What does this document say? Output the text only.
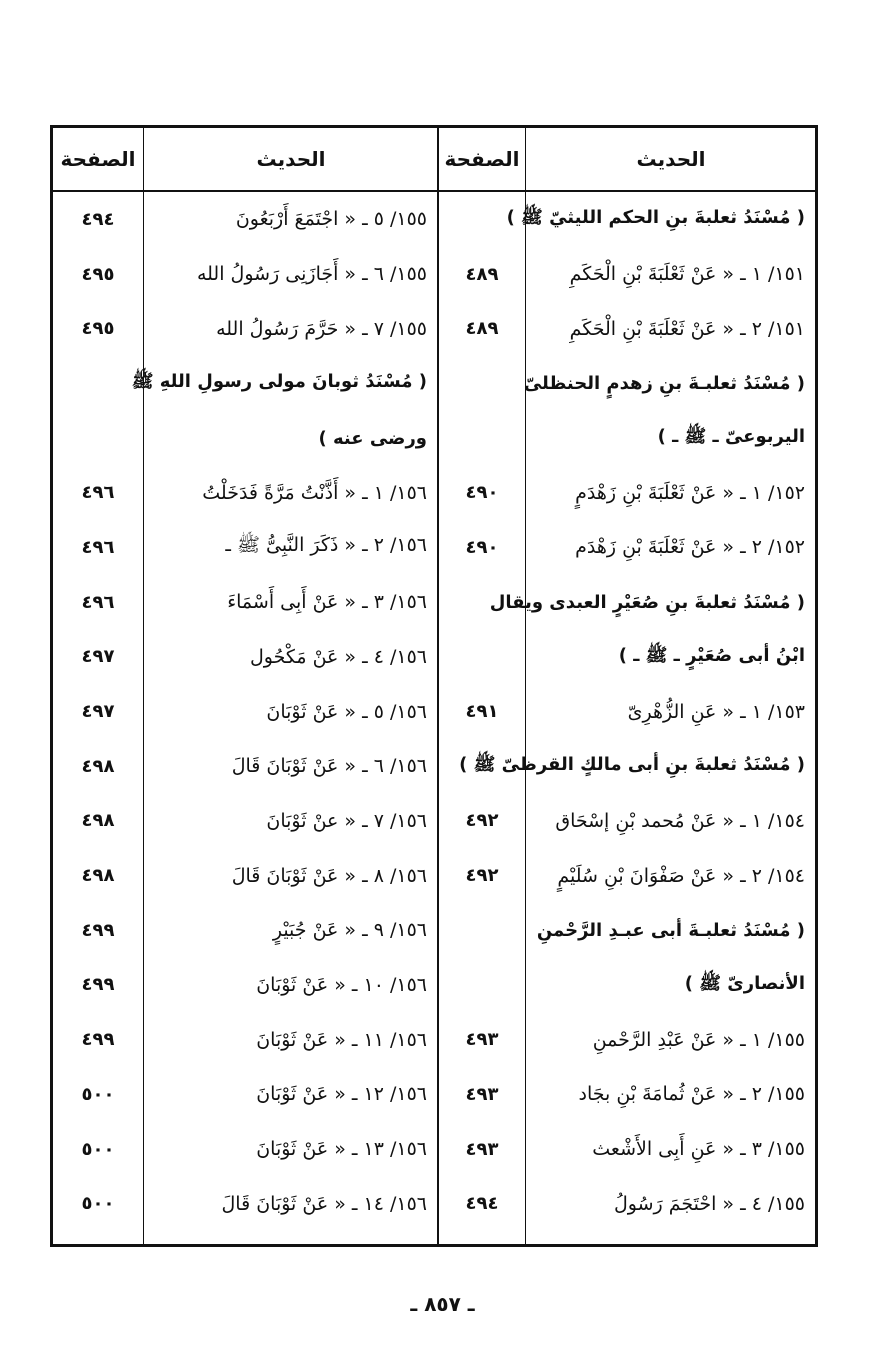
الحديث
الصفحة
الحديث
الصفحة
( مُسْنَدُ ثعلبةَ بنِ الحكم الليثيّ ﷺ )
١٥١/ ١ ـ « عَنْ ثَعْلَبَةَ بْنِ الْحَكَمِ
١٥١/ ٢ ـ « عَنْ ثَعْلَبَةَ بْنِ الْحَكَمِ
( مُسْنَدُ ثعلبـةَ بنِ زهدمٍ الحنظلىّ
اليربوعىّ ـ ﷺ ـ )
١٥٢/ ١ ـ « عَنْ ثَعْلَبَةَ بْنِ زَهْدَمٍ
١٥٢/ ٢ ـ « عَنْ ثَعْلَبَةَ بْنِ زَهْدَم
( مُسْنَدُ ثعلبةَ بنِ صُعَيْرٍ العبدى ويقال
ابْنُ أبى صُعَيْرٍ ـ ﷺ ـ )
١٥٣/ ١ ـ « عَنِ الزُّهْرِىّ
( مُسْنَدُ ثعلبةَ بنِ أبى مالكٍ القرظىّ ﷺ )
١٥٤/ ١ ـ « عَنْ مُحمد بْنِ إسْحَاق
١٥٤/ ٢ ـ « عَنْ صَفْوَانَ بْنِ سُلَيْمٍ
( مُسْنَدُ ثعلبـةَ أبى عبـدِ الرَّحْمنِ
الأنصارىّ ﷺ )
١٥٥/ ١ ـ « عَنْ عَبْدِ الرَّحْمنِ
١٥٥/ ٢ ـ « عَنْ ثُمامَةَ بْنِ بجَاد
١٥٥/ ٣ ـ « عَنِ أَبِى الأَشْعث
١٥٥/ ٤ ـ « احْتَجَمَ رَسُولُ
٤٨٩
٤٨٩
٤٩٠
٤٩٠
٤٩١
٤٩٢
٤٩٢
٤٩٣
٤٩٣
٤٩٣
٤٩٤
١٥٥/ ٥ ـ « اجْتَمَعَ أَرْبَعُونَ
١٥٥/ ٦ ـ « أَجَازَنِى رَسُولُ الله
١٥٥/ ٧ ـ « حَرَّمَ رَسُولُ الله
( مُسْنَدُ ثوبانَ مولى رسولِ اللهِ ﷺ
ورضى عنه )
١٥٦/ ١ ـ « أَذَّنْتُ مَرَّةً فَدَخَلْتُ
١٥٦/ ٢ ـ « ذَكَرَ النَّبِىُّ ﷺ ـ
١٥٦/ ٣ ـ « عَنْ أَبِى أَسْمَاءَ
١٥٦/ ٤ ـ « عَنْ مَكْحُول
١٥٦/ ٥ ـ « عَنْ ثَوْبَانَ
١٥٦/ ٦ ـ « عَنْ ثَوْبَانَ قَالَ
١٥٦/ ٧ ـ « عنْ ثَوْبَانَ
١٥٦/ ٨ ـ « عَنْ ثَوْبَانَ قَالَ
١٥٦/ ٩ ـ « عَنْ جُبَيْرٍ
١٥٦/ ١٠ ـ « عَنْ ثَوْبَانَ
١٥٦/ ١١ ـ « عَنْ ثَوْبَانَ
١٥٦/ ١٢ ـ « عَنْ ثَوْبَانَ
١٥٦/ ١٣ ـ « عَنْ ثَوْبَانَ
١٥٦/ ١٤ ـ « عَنْ ثَوْبَانَ قَالَ
٤٩٤
٤٩٥
٤٩٥
٤٩٦
٤٩٦
٤٩٦
٤٩٧
٤٩٧
٤٩٨
٤٩٨
٤٩٨
٤٩٩
٤٩٩
٤٩٩
٥٠٠
٥٠٠
٥٠٠
ـ ٨٥٧ ـ
